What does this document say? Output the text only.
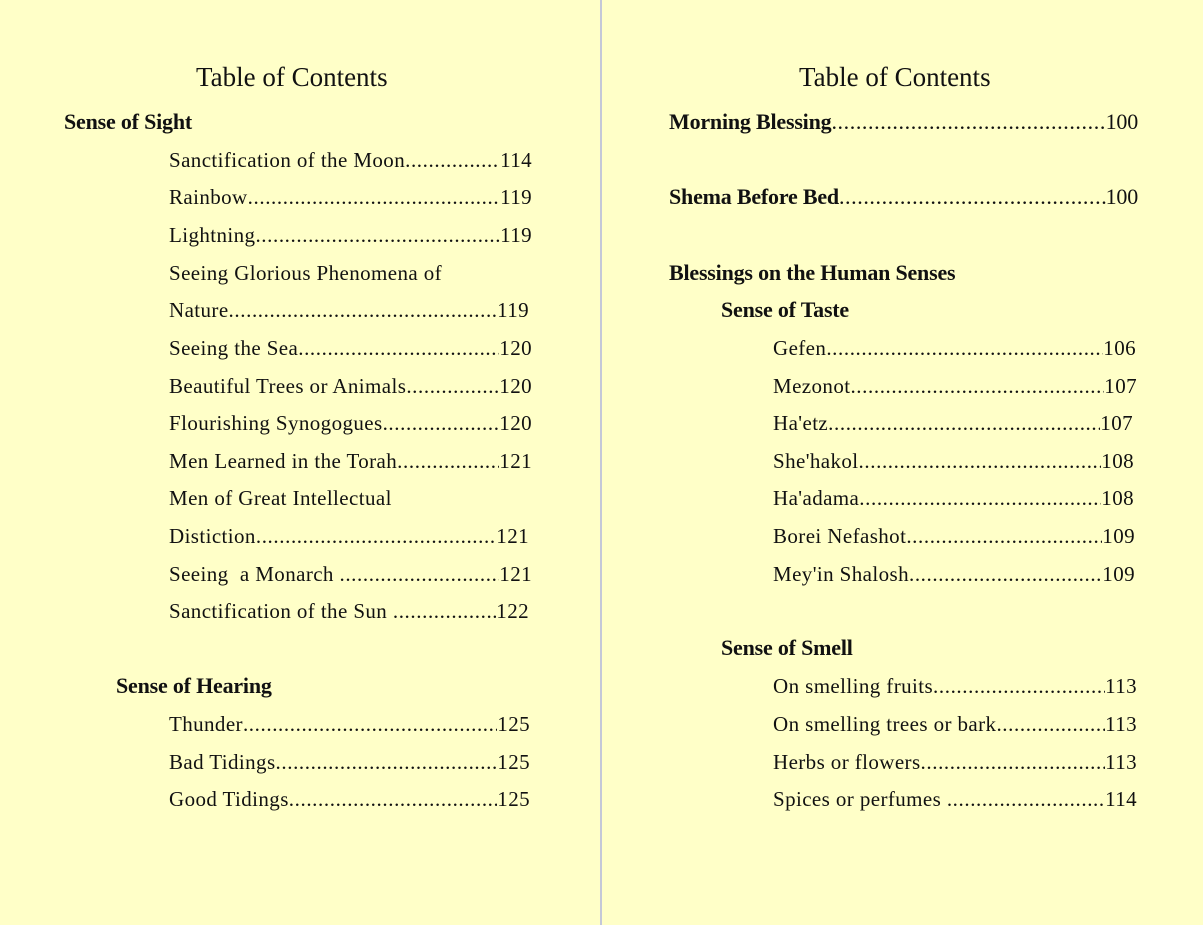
Table of Contents
Sense of Sight
Sanctification of the Moon .....	114
Rainbow .....	119
Lightning .....	119
Seeing Glorious Phenomena of
Nature .....	119
Seeing the Sea .....	120
Beautiful Trees or Animals .....	120
Flourishing Synogogues .....	120
Men Learned in the Torah .....	121
Men of Great Intellectual
Distiction .....	121
Seeing  a Monarch .....	121
Sanctification of the Sun .....	122
Sense of Hearing
Thunder .....	125
Bad Tidings .....	125
Good Tidings .....	125
Table of Contents
Morning Blessing .....	100
Shema Before Bed .....	100
Blessings on the Human Senses
Sense of Taste
Gefen .....	106
Mezonot .....	107
Ha'etz .....	107
She'hakol .....	108
Ha'adama .....	108
Borei Nefashot .....	109
Mey'in Shalosh .....	109
Sense of Smell
On smelling fruits .....	113
On smelling trees or bark .....	113
Herbs or flowers .....	113
Spices or perfumes .....	114
